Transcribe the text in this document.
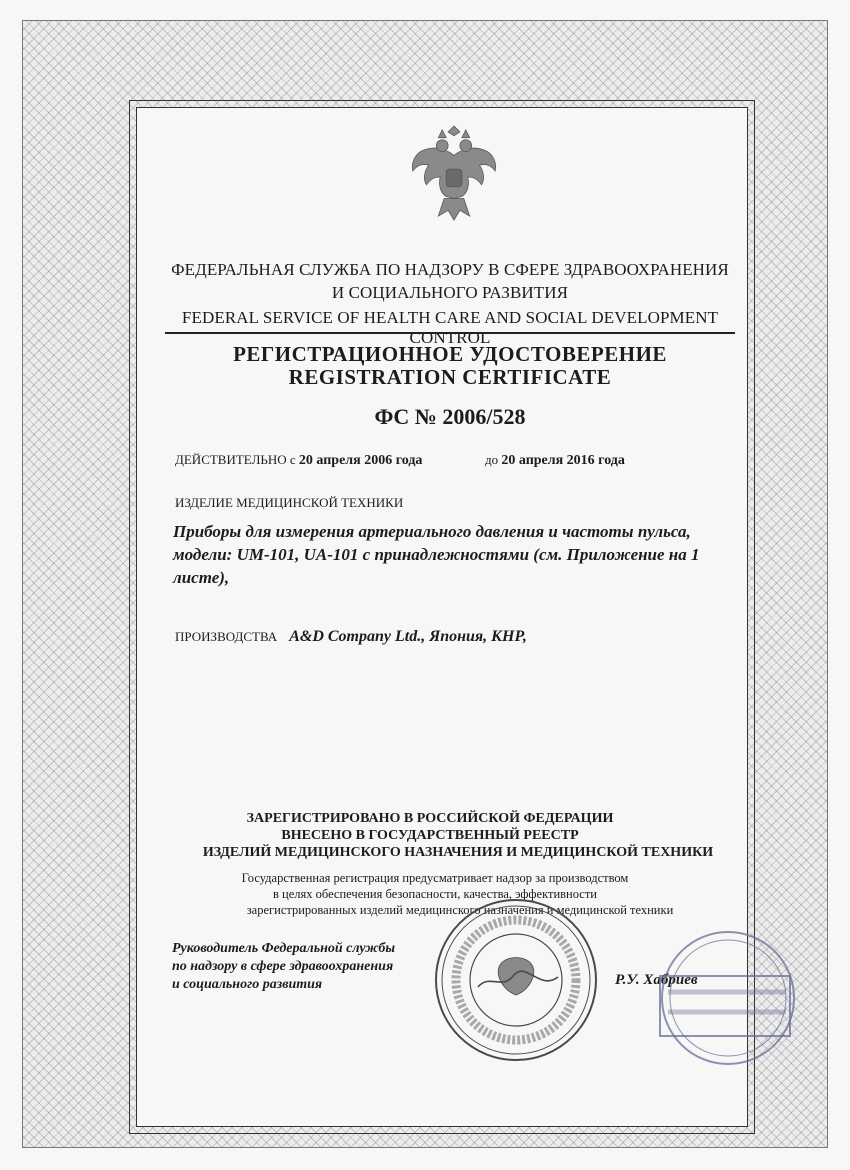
ФЕДЕРАЛЬНАЯ СЛУЖБА ПО НАДЗОРУ В СФЕРЕ ЗДРАВООХРАНЕНИЯ
И СОЦИАЛЬНОГО РАЗВИТИЯ
FEDERAL SERVICE OF HEALTH CARE AND SOCIAL DEVELOPMENT CONTROL
РЕГИСТРАЦИОННОЕ УДОСТОВЕРЕНИЕ
REGISTRATION CERTIFICATE
ФС № 2006/528
ДЕЙСТВИТЕЛЬНО с 20 апреля 2006 года	до 20 апреля 2016 года
ИЗДЕЛИЕ МЕДИЦИНСКОЙ ТЕХНИКИ
Приборы для измерения артериального давления и частоты пульса,
модели: UM-101, UA-101 с принадлежностями (см. Приложение на 1
листе),
ПРОИЗВОДСТВА A&D Company Ltd., Япония, КНР,
ЗАРЕГИСТРИРОВАНО В РОССИЙСКОЙ ФЕДЕРАЦИИ
ВНЕСЕНО В ГОСУДАРСТВЕННЫЙ РЕЕСТР
ИЗДЕЛИЙ МЕДИЦИНСКОГО НАЗНАЧЕНИЯ И МЕДИЦИНСКОЙ ТЕХНИКИ
Государственная регистрация предусматривает надзор за производством
в целях обеспечения безопасности, качества, эффективности
зарегистрированных изделий медицинского назначения и медицинской техники
Руководитель Федеральной службы
по надзору в сфере здравоохранения
и социального развития	Р.У. Хабриев
